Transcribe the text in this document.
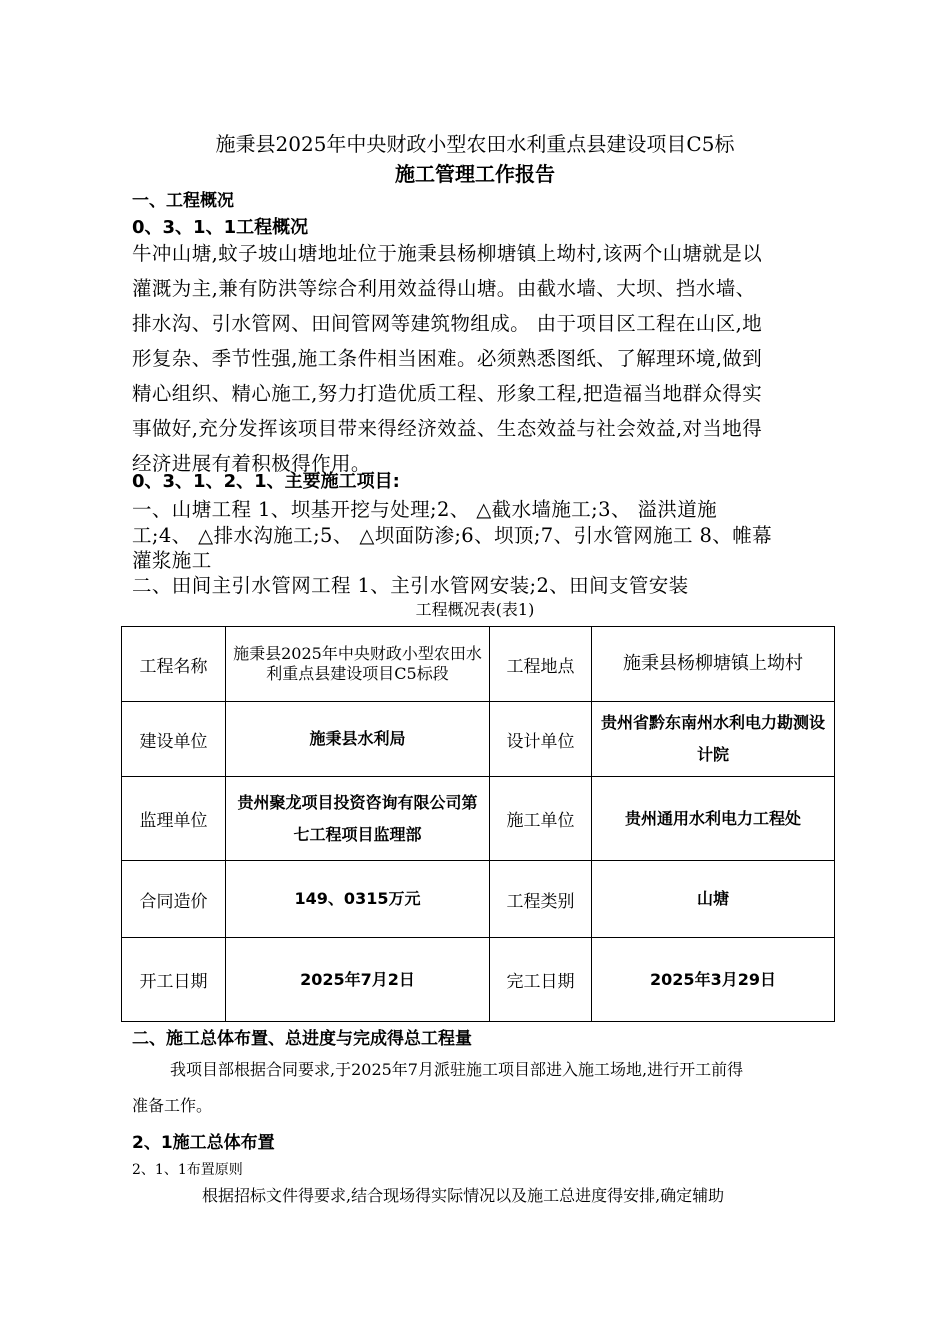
施秉县2025年中央财政小型农田水利重点县建设项目C5标
施工管理工作报告
一、工程概况
0、3、1、1工程概况
牛冲山塘,蚊子坡山塘地址位于施秉县杨柳塘镇上坳村,该两个山塘就是以
灌溉为主,兼有防洪等综合利用效益得山塘。由截水墙、大坝、挡水墙、
排水沟、引水管网、田间管网等建筑物组成。 由于项目区工程在山区,地
形复杂、季节性强,施工条件相当困难。必须熟悉图纸、了解理环境,做到
精心组织、精心施工,努力打造优质工程、形象工程,把造福当地群众得实
事做好,充分发挥该项目带来得经济效益、生态效益与社会效益,对当地得
经济进展有着积极得作用。
0、3、1、2、1、主要施工项目:
一、山塘工程 1、坝基开挖与处理;2、 △截水墙施工;3、 溢洪道施
工;4、 △排水沟施工;5、 △坝面防渗;6、坝顶;7、引水管网施工 8、帷幕
灌浆施工
二、田间主引水管网工程 1、主引水管网安装;2、田间支管安装
工程概况表(表1)
工程名称	施秉县2025年中央财政小型农田水利重点县建设项目C5标段	工程地点	施秉县杨柳塘镇上坳村
建设单位	施秉县水利局	设计单位	贵州省黔东南州水利电力勘测设计院
监理单位	贵州聚龙项目投资咨询有限公司第七工程项目监理部	施工单位	贵州通用水利电力工程处
合同造价	149、0315万元	工程类别	山塘
开工日期	2025年7月2日	完工日期	2025年3月29日
二、施工总体布置、总进度与完成得总工程量
我项目部根据合同要求,于2025年7月派驻施工项目部进入施工场地,进行开工前得
准备工作。
2、1施工总体布置
2、1、1布置原则
根据招标文件得要求,结合现场得实际情况以及施工总进度得安排,确定辅助
